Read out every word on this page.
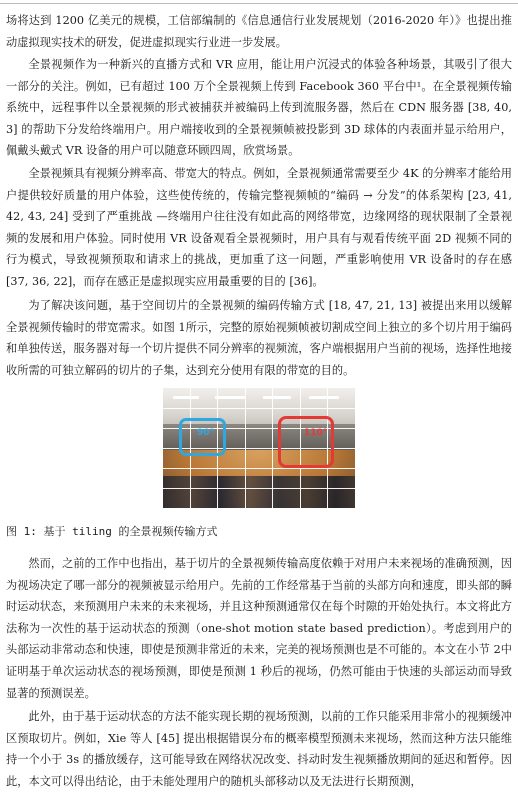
场将达到 1200 亿美元的规模，工信部编制的《信息通信行业发展规划（2016-2020 年）》也提出推动虚拟现实技术的研发，促进虚拟现实行业进一步发展。

全景视频作为一种新兴的直播方式和 VR 应用，能让用户沉浸式的体验各种场景，其吸引了很大一部分的关注。例如，已有超过 100 万个全景视频上传到 Facebook 360 平台中¹。在全景视频传输系统中，远程事件以全景视频的形式被捕获并被编码上传到流服务器，然后在 CDN 服务器 [38, 40, 3] 的帮助下分发给终端用户。用户端接收到的全景视频帧被投影到 3D 球体的内表面并显示给用户，佩戴头戴式 VR 设备的用户可以随意环顾四周，欣赏场景。

全景视频具有视频分辨率高、带宽大的特点。例如，全景视频通常需要至少 4K 的分辨率才能给用户提供较好质量的用户体验，这些使传统的，传输完整视频帧的“编码 → 分发”的体系架构 [23, 41, 42, 43, 24] 受到了严重挑战 —终端用户往往没有如此高的网络带宽，边缘网络的现状限制了全景视频的发展和用户体验。同时使用 VR 设备观看全景视频时，用户具有与观看传统平面 2D 视频不同的行为模式，导致视频预取和请求上的挑战，更加重了这一问题，严重影响使用 VR 设备时的存在感 [37, 36, 22]，而存在感正是虚拟现实应用最重要的目的 [36]。

为了解决该问题，基于空间切片的全景视频的编码传输方式 [18, 47, 21, 13] 被提出来用以缓解全景视频传输时的带宽需求。如图 1所示，完整的原始视频帧被切割成空间上独立的多个切片用于编码和单独传送，服务器对每一个切片提供不同分辨率的视频流，客户端根据用户当前的视场，选择性地接收所需的可独立解码的切片的子集，达到充分使用有限的带宽的目的。

90°	110°

图 1: 基于 tiling 的全景视频传输方式

然而，之前的工作中也指出，基于切片的全景视频传输高度依赖于对用户未来视场的准确预测，因为视场决定了哪一部分的视频被显示给用户。先前的工作经常基于当前的头部方向和速度，即头部的瞬时运动状态，来预测用户未来的未来视场，并且这种预测通常仅在每个时隙的开始处执行。本文将此方法称为一次性的基于运动状态的预测（one-shot motion state based prediction）。考虑到用户的头部运动非常动态和快速，即使是预测非常近的未来，完美的视场预测也是不可能的。本文在小节 2中证明基于单次运动状态的视场预测，即使是预测 1 秒后的视场，仍然可能由于快速的头部运动而导致显著的预测误差。

此外，由于基于运动状态的方法不能实现长期的视场预测，以前的工作只能采用非常小的视频缓冲区预取切片。例如，Xie 等人 [45] 提出根据错误分布的概率模型预测未来视场，然而这种方法只能维持一个小于 3s 的播放缓存，这可能导致在网络状况改变、抖动时发生视频播放期间的延迟和暂停。因此，本文可以得出结论，由于未能处理用户的随机头部移动以及无法进行长期预测，
